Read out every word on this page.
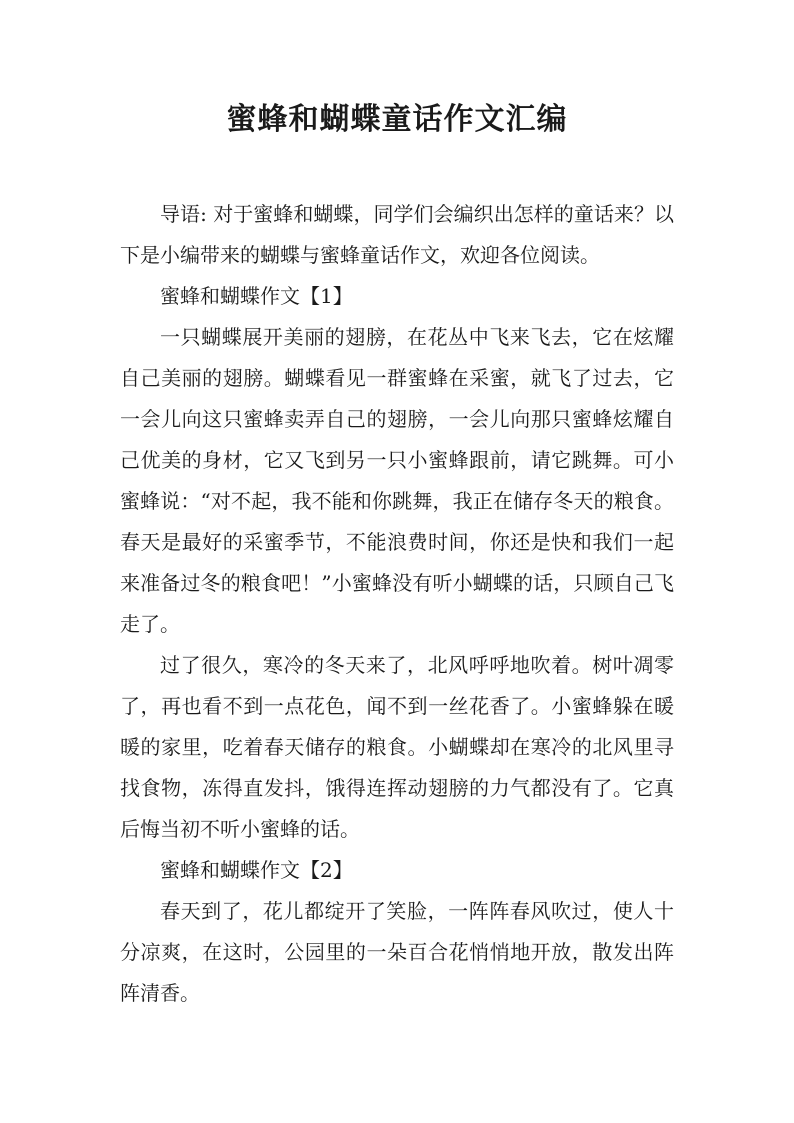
蜜蜂和蝴蝶童话作文汇编

导语: 对于蜜蜂和蝴蝶，同学们会编织出怎样的童话来？以下是小编带来的蝴蝶与蜜蜂童话作文，欢迎各位阅读。

蜜蜂和蝴蝶作文【1】

一只蝴蝶展开美丽的翅膀，在花丛中飞来飞去，它在炫耀自己美丽的翅膀。蝴蝶看见一群蜜蜂在采蜜，就飞了过去，它一会儿向这只蜜蜂卖弄自己的翅膀，一会儿向那只蜜蜂炫耀自己优美的身材，它又飞到另一只小蜜蜂跟前，请它跳舞。可小蜜蜂说：“对不起，我不能和你跳舞，我正在储存冬天的粮食。春天是最好的采蜜季节，不能浪费时间，你还是快和我们一起来准备过冬的粮食吧！”小蜜蜂没有听小蝴蝶的话，只顾自己飞走了。

过了很久，寒冷的冬天来了，北风呼呼地吹着。树叶凋零了，再也看不到一点花色，闻不到一丝花香了。小蜜蜂躲在暖暖的家里，吃着春天储存的粮食。小蝴蝶却在寒冷的北风里寻找食物，冻得直发抖，饿得连挥动翅膀的力气都没有了。它真后悔当初不听小蜜蜂的话。

蜜蜂和蝴蝶作文【2】

春天到了，花儿都绽开了笑脸，一阵阵春风吹过，使人十分凉爽，在这时，公园里的一朵百合花悄悄地开放，散发出阵阵清香。
